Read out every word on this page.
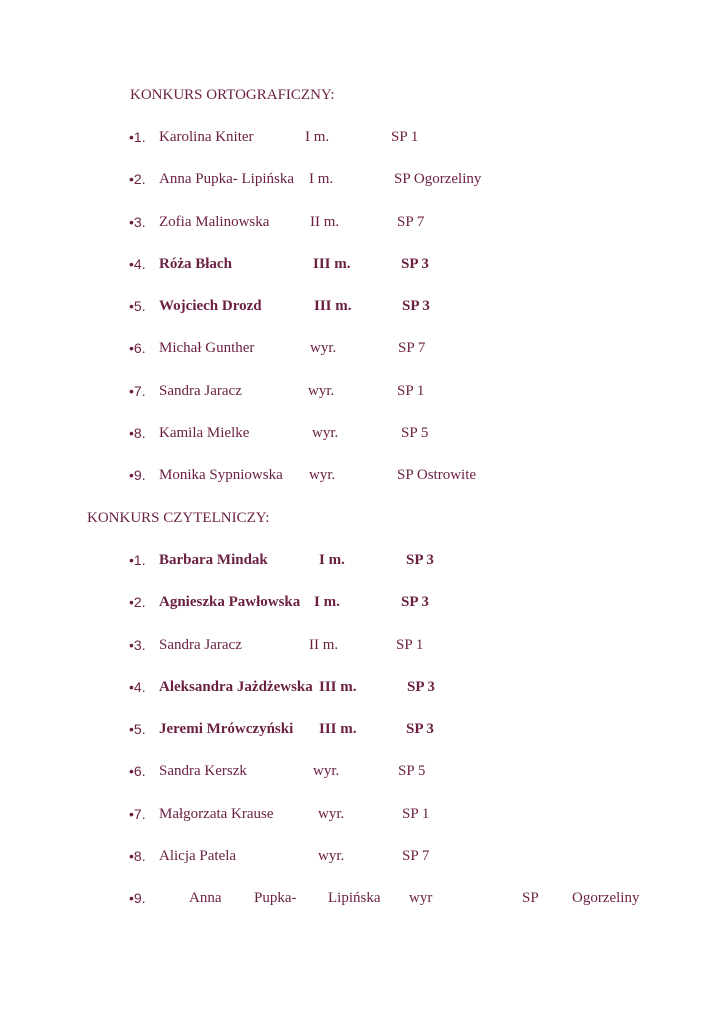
KONKURS ORTOGRAFICZNY:
•1. Karolina Kniter	I m.	SP 1
•2. Anna Pupka- Lipińska I m.	SP Ogorzeliny
•3. Zofia Malinowska	II m.	SP 7
•4. Róża Błach	III m.	SP 3
•5. Wojciech Drozd	III m.	SP 3
•6. Michał Gunther	wyr.	SP 7
•7. Sandra Jaracz	wyr.	SP 1
•8. Kamila Mielke	wyr.	SP 5
•9. Monika Sypniowska wyr.	SP Ostrowite
KONKURS CZYTELNICZY:
•1. Barbara Mindak	I m.	SP 3
•2. Agnieszka Pawłowska I m.	SP 3
•3. Sandra Jaracz	II m.	SP 1
•4. Aleksandra Jażdżewska III m.	SP 3
•5. Jeremi Mrówczyński III m.	SP 3
•6. Sandra Kerszk	wyr.	SP 5
•7. Małgorzata Krause	wyr.	SP 1
•8. Alicja Patela	wyr.	SP 7
•9.	Anna Pupka- Lipińska wyr	SP Ogorzeliny
